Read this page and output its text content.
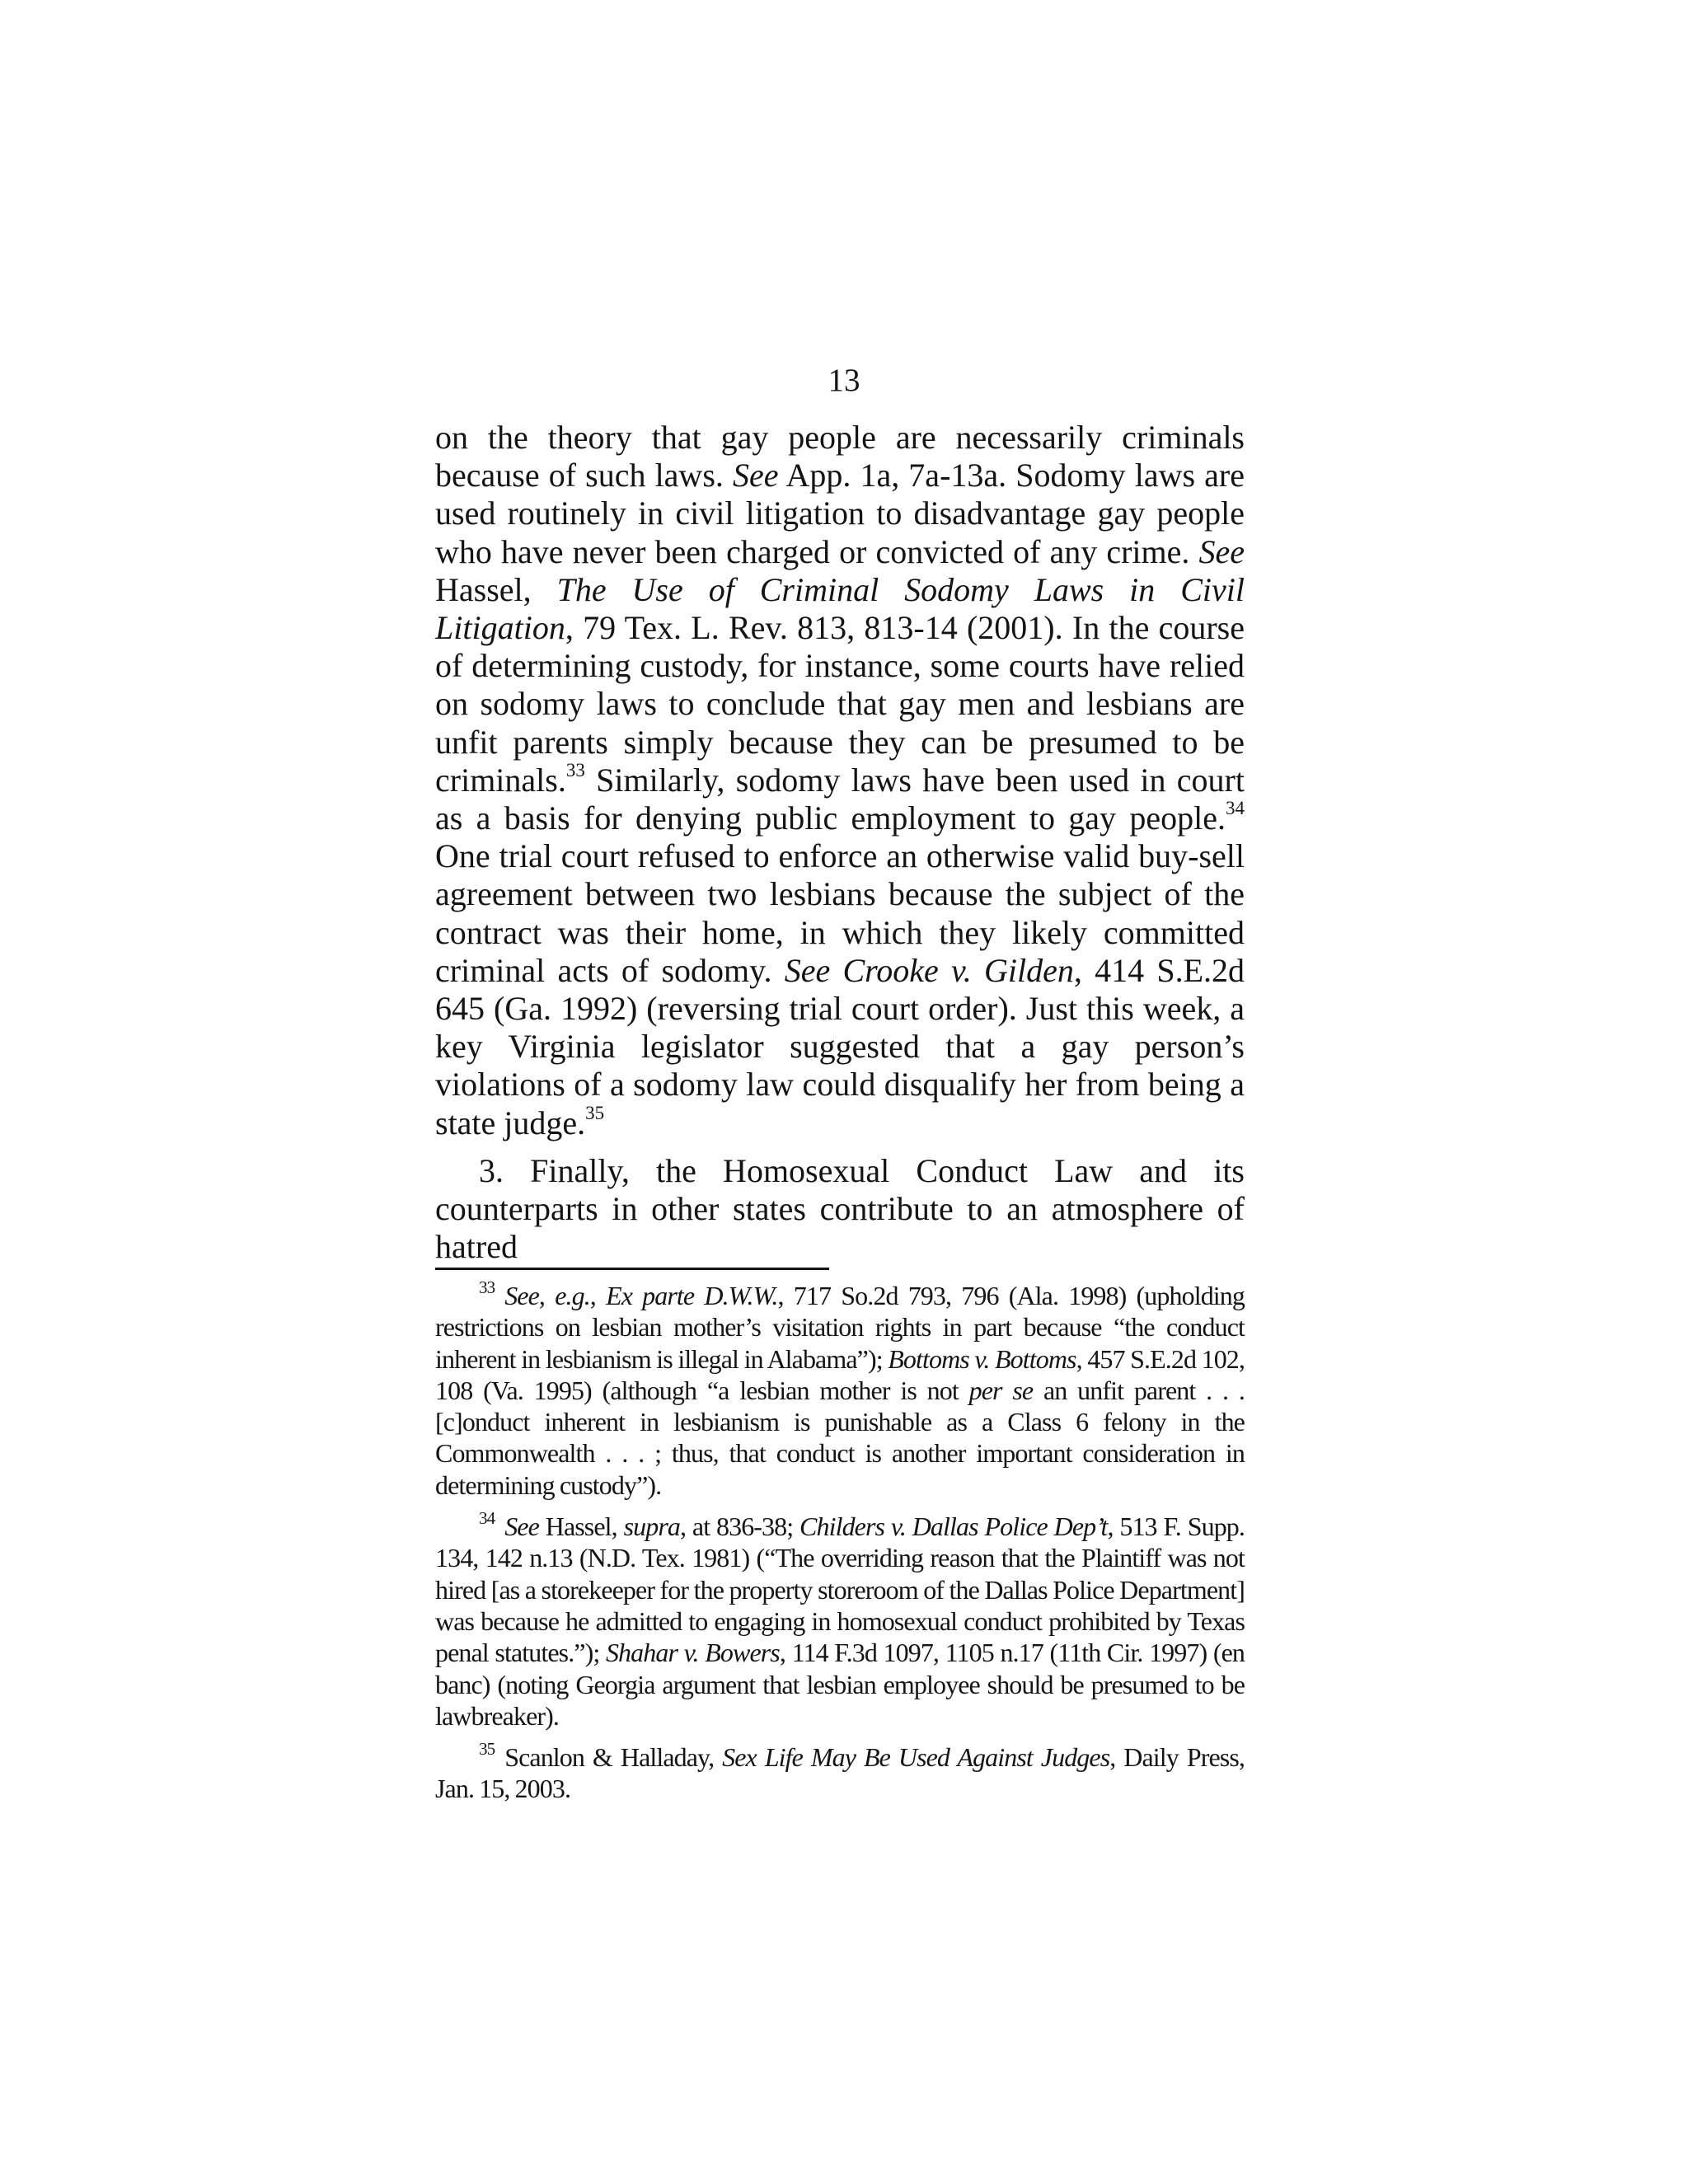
13

on the theory that gay people are necessarily criminals because of such laws. See App. 1a, 7a-13a. Sodomy laws are used routinely in civil litigation to disadvantage gay people who have never been charged or convicted of any crime. See Hassel, The Use of Criminal Sodomy Laws in Civil Litigation, 79 Tex. L. Rev. 813, 813-14 (2001). In the course of determining custody, for instance, some courts have relied on sodomy laws to conclude that gay men and lesbians are unfit parents simply because they can be presumed to be criminals.$^{33}$ Similarly, sodomy laws have been used in court as a basis for denying public employment to gay people.$^{34}$ One trial court refused to enforce an otherwise valid buy-sell agreement between two lesbians because the subject of the contract was their home, in which they likely committed criminal acts of sodomy. See Crooke v. Gilden, 414 S.E.2d 645 (Ga. 1992) (reversing trial court order). Just this week, a key Virginia legislator suggested that a gay person’s violations of a sodomy law could disqualify her from being a state judge.$^{35}$

3. Finally, the Homosexual Conduct Law and its counterparts in other states contribute to an atmosphere of hatred

$^{33}$ See, e.g., Ex parte D.W.W., 717 So.2d 793, 796 (Ala. 1998) (upholding restrictions on lesbian mother’s visitation rights in part because “the conduct inherent in lesbianism is illegal in Alabama”); Bottoms v. Bottoms, 457 S.E.2d 102, 108 (Va. 1995) (although “a lesbian mother is not per se an unfit parent . . . [c]onduct inherent in lesbianism is punishable as a Class 6 felony in the Commonwealth . . . ; thus, that conduct is another important consideration in determining custody”).

$^{34}$ See Hassel, supra, at 836-38; Childers v. Dallas Police Dep’t, 513 F. Supp. 134, 142 n.13 (N.D. Tex. 1981) (“The overriding reason that the Plaintiff was not hired [as a storekeeper for the property storeroom of the Dallas Police Department] was because he admitted to engaging in homosexual conduct prohibited by Texas penal statutes.”); Shahar v. Bowers, 114 F.3d 1097, 1105 n.17 (11th Cir. 1997) (en banc) (noting Georgia argument that lesbian employee should be presumed to be lawbreaker).

$^{35}$ Scanlon & Halladay, Sex Life May Be Used Against Judges, Daily Press, Jan. 15, 2003.
